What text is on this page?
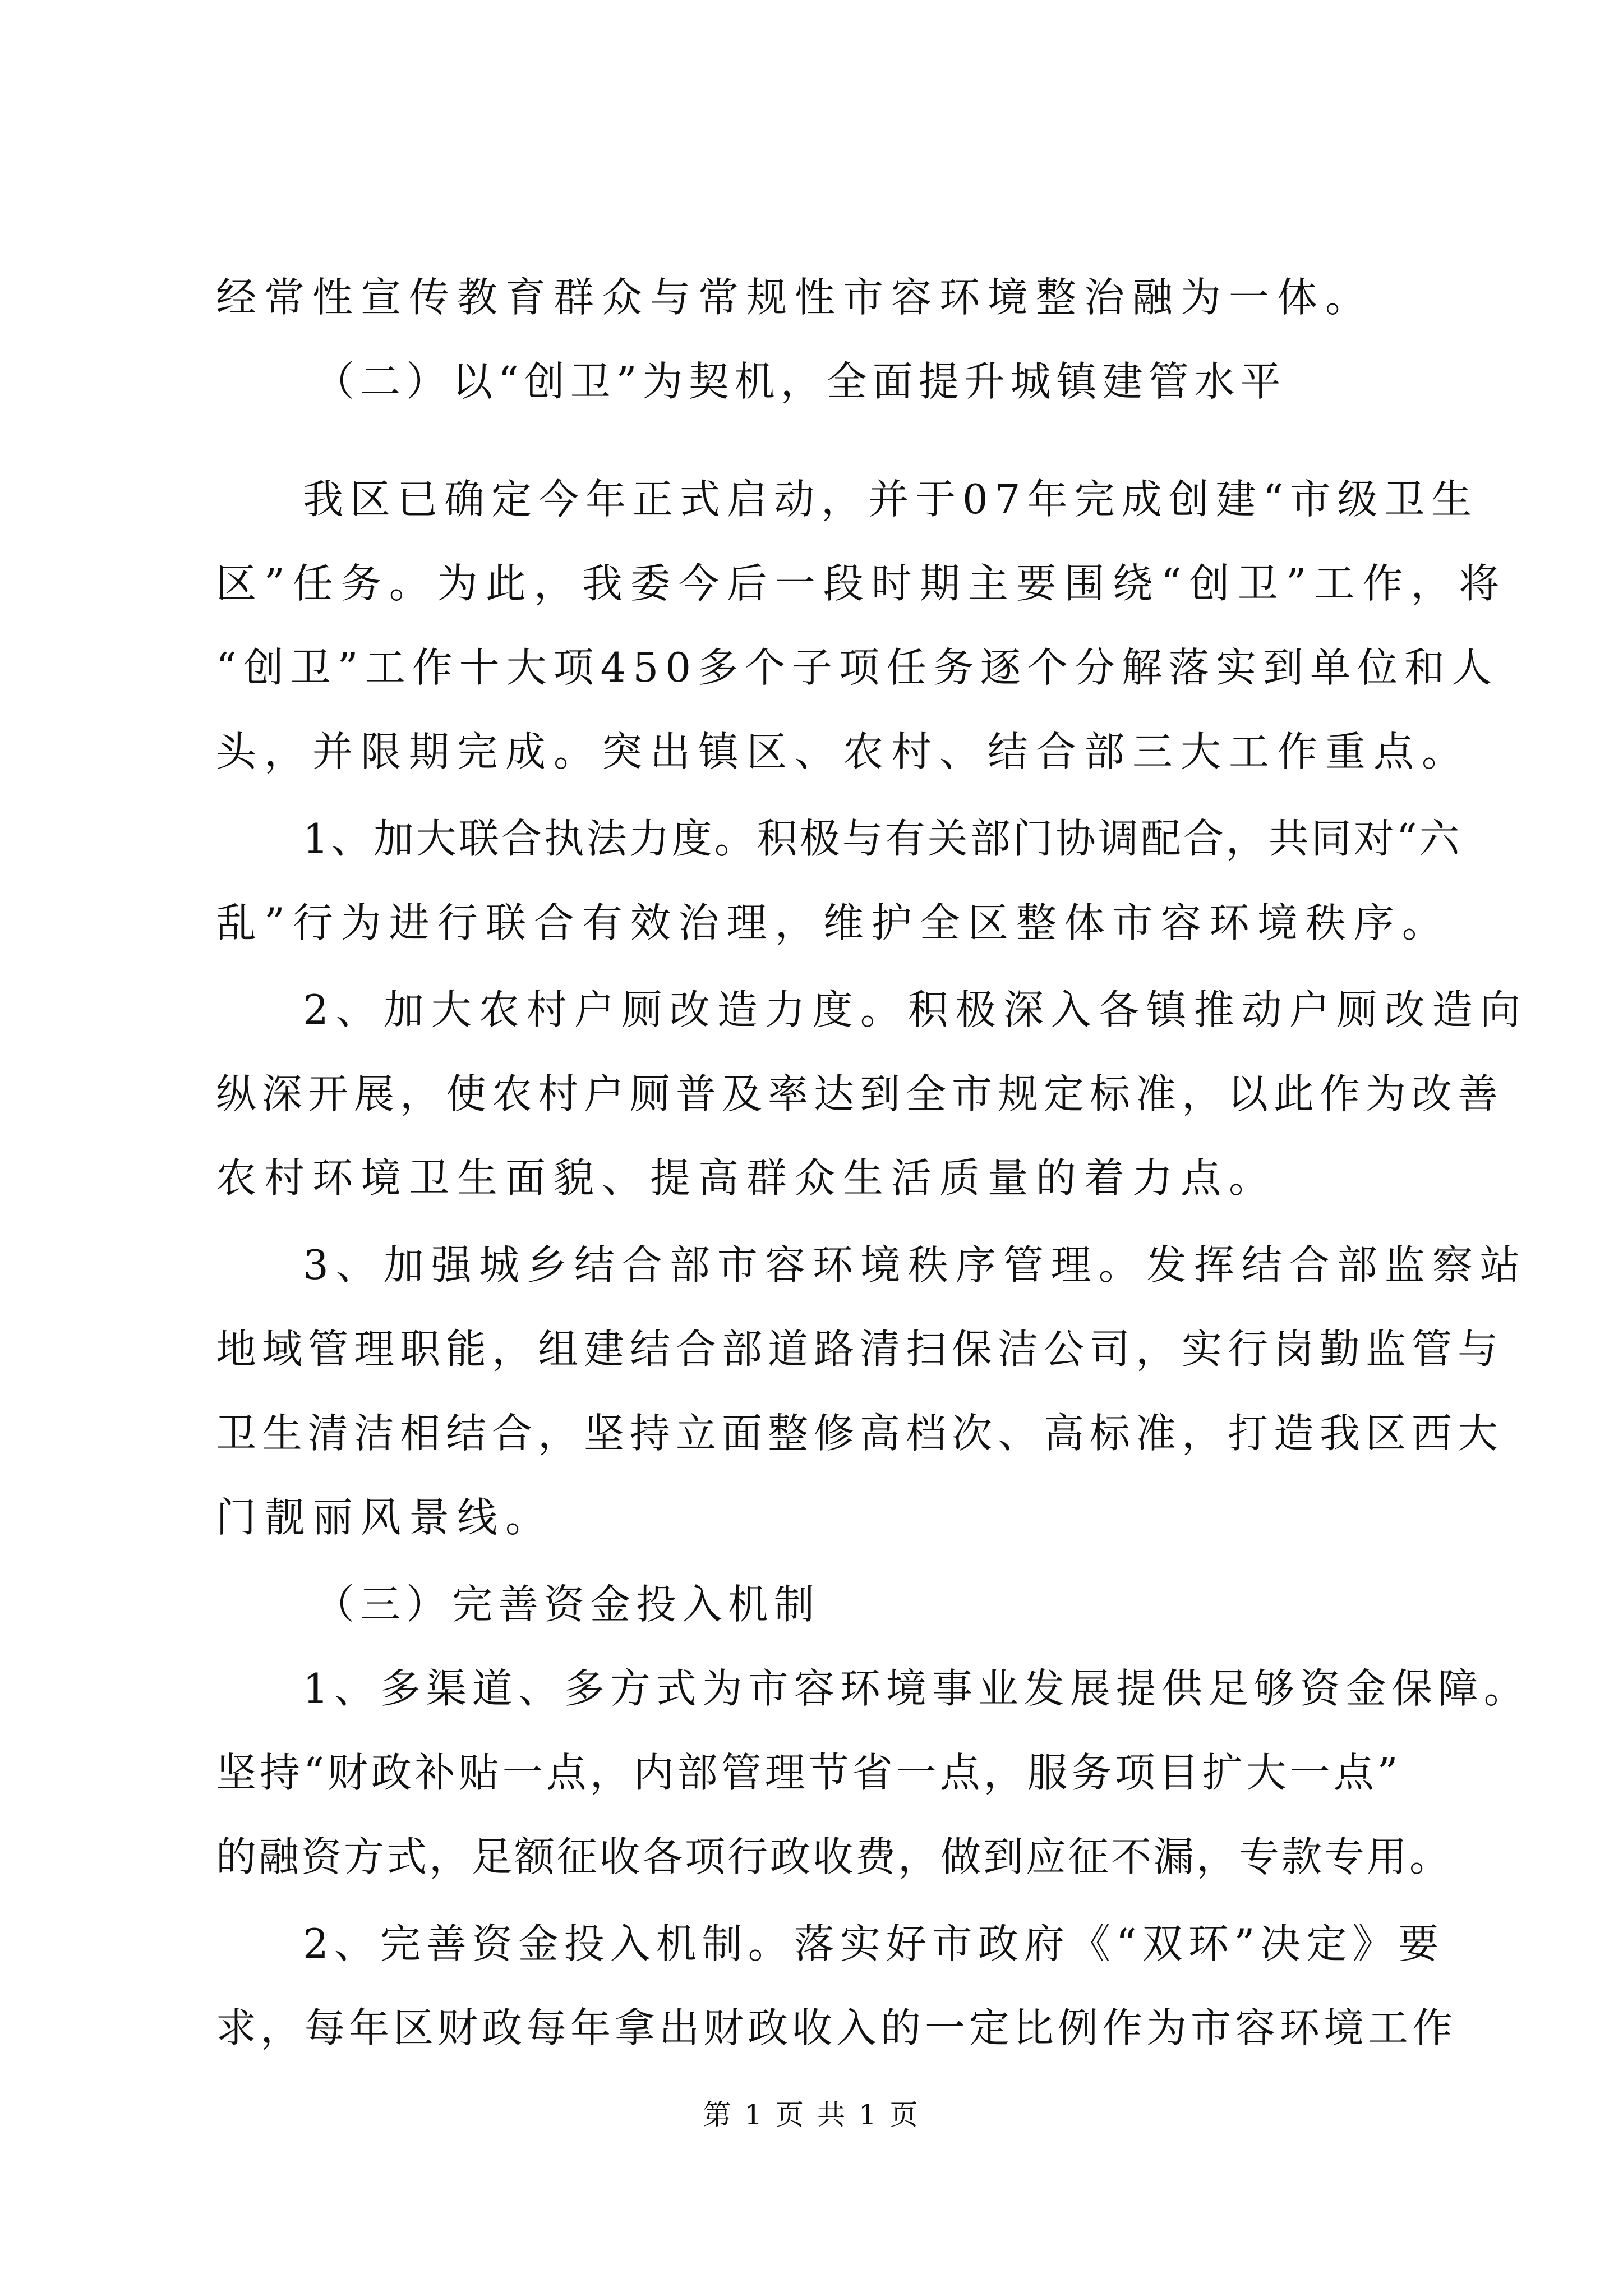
经常性宣传教育群众与常规性市容环境整治融为一体。
（二）以“创卫”为契机，全面提升城镇建管水平
我区已确定今年正式启动，并于07年完成创建“市级卫生
区”任务。为此，我委今后一段时期主要围绕“创卫”工作，将
“创卫”工作十大项450多个子项任务逐个分解落实到单位和人
头，并限期完成。突出镇区、农村、结合部三大工作重点。
1、加大联合执法力度。积极与有关部门协调配合，共同对“六
乱”行为进行联合有效治理，维护全区整体市容环境秩序。
2、加大农村户厕改造力度。积极深入各镇推动户厕改造向
纵深开展，使农村户厕普及率达到全市规定标准，以此作为改善
农村环境卫生面貌、提高群众生活质量的着力点。
3、加强城乡结合部市容环境秩序管理。发挥结合部监察站
地域管理职能，组建结合部道路清扫保洁公司，实行岗勤监管与
卫生清洁相结合，坚持立面整修高档次、高标准，打造我区西大
门靓丽风景线。
（三）完善资金投入机制
1、多渠道、多方式为市容环境事业发展提供足够资金保障。
坚持“财政补贴一点，内部管理节省一点，服务项目扩大一点”
的融资方式，足额征收各项行政收费，做到应征不漏，专款专用。
2、完善资金投入机制。落实好市政府《“双环”决定》要
求，每年区财政每年拿出财政收入的一定比例作为市容环境工作
第 1 页 共 1 页
